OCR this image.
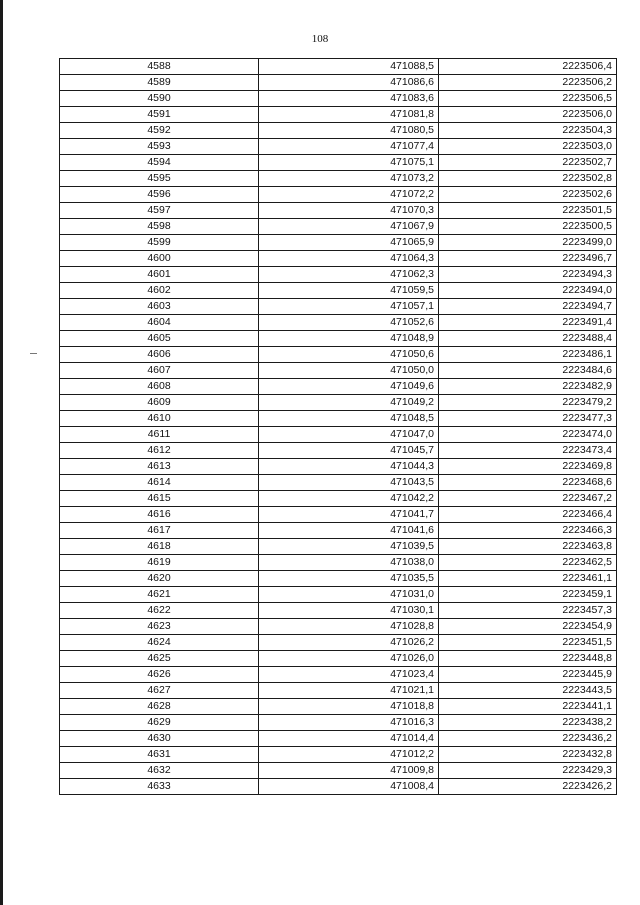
108
4588	471088,5	2223506,4
4589	471086,6	2223506,2
4590	471083,6	2223506,5
4591	471081,8	2223506,0
4592	471080,5	2223504,3
4593	471077,4	2223503,0
4594	471075,1	2223502,7
4595	471073,2	2223502,8
4596	471072,2	2223502,6
4597	471070,3	2223501,5
4598	471067,9	2223500,5
4599	471065,9	2223499,0
4600	471064,3	2223496,7
4601	471062,3	2223494,3
4602	471059,5	2223494,0
4603	471057,1	2223494,7
4604	471052,6	2223491,4
4605	471048,9	2223488,4
4606	471050,6	2223486,1
4607	471050,0	2223484,6
4608	471049,6	2223482,9
4609	471049,2	2223479,2
4610	471048,5	2223477,3
4611	471047,0	2223474,0
4612	471045,7	2223473,4
4613	471044,3	2223469,8
4614	471043,5	2223468,6
4615	471042,2	2223467,2
4616	471041,7	2223466,4
4617	471041,6	2223466,3
4618	471039,5	2223463,8
4619	471038,0	2223462,5
4620	471035,5	2223461,1
4621	471031,0	2223459,1
4622	471030,1	2223457,3
4623	471028,8	2223454,9
4624	471026,2	2223451,5
4625	471026,0	2223448,8
4626	471023,4	2223445,9
4627	471021,1	2223443,5
4628	471018,8	2223441,1
4629	471016,3	2223438,2
4630	471014,4	2223436,2
4631	471012,2	2223432,8
4632	471009,8	2223429,3
4633	471008,4	2223426,2
